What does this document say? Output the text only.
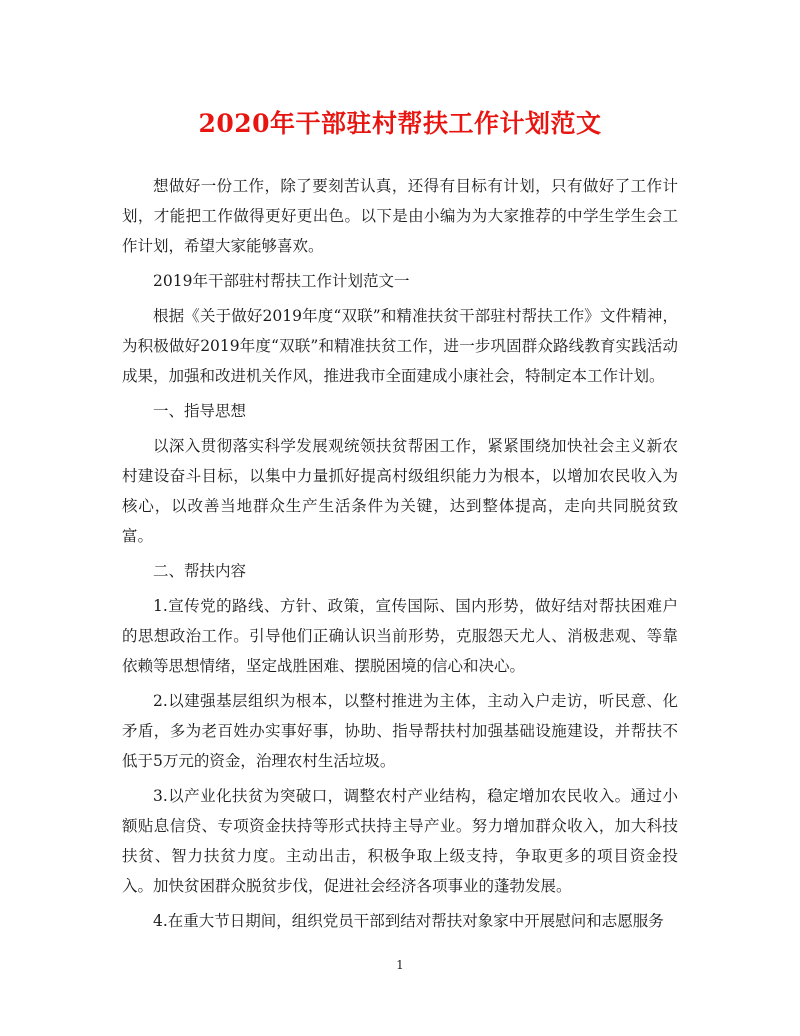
2020年干部驻村帮扶工作计划范文

想做好一份工作，除了要刻苦认真，还得有目标有计划，只有做好了工作计划，才能把工作做得更好更出色。以下是由小编为为大家推荐的中学生学生会工作计划，希望大家能够喜欢。

2019年干部驻村帮扶工作计划范文一

根据《关于做好2019年度“双联”和精准扶贫干部驻村帮扶工作》文件精神，为积极做好2019年度“双联”和精准扶贫工作，进一步巩固群众路线教育实践活动成果，加强和改进机关作风，推进我市全面建成小康社会，特制定本工作计划。

一、指导思想

以深入贯彻落实科学发展观统领扶贫帮困工作，紧紧围绕加快社会主义新农村建设奋斗目标，以集中力量抓好提高村级组织能力为根本，以增加农民收入为核心，以改善当地群众生产生活条件为关键，达到整体提高，走向共同脱贫致富。

二、帮扶内容

1.宣传党的路线、方针、政策，宣传国际、国内形势，做好结对帮扶困难户的思想政治工作。引导他们正确认识当前形势，克服怨天尤人、消极悲观、等靠依赖等思想情绪，坚定战胜困难、摆脱困境的信心和决心。

2.以建强基层组织为根本，以整村推进为主体，主动入户走访，听民意、化矛盾，多为老百姓办实事好事，协助、指导帮扶村加强基础设施建设，并帮扶不低于5万元的资金，治理农村生活垃圾。

3.以产业化扶贫为突破口，调整农村产业结构，稳定增加农民收入。通过小额贴息信贷、专项资金扶持等形式扶持主导产业。努力增加群众收入，加大科技扶贫、智力扶贫力度。主动出击，积极争取上级支持，争取更多的项目资金投入。加快贫困群众脱贫步伐，促进社会经济各项事业的蓬勃发展。

4.在重大节日期间，组织党员干部到结对帮扶对象家中开展慰问和志愿服务

1
